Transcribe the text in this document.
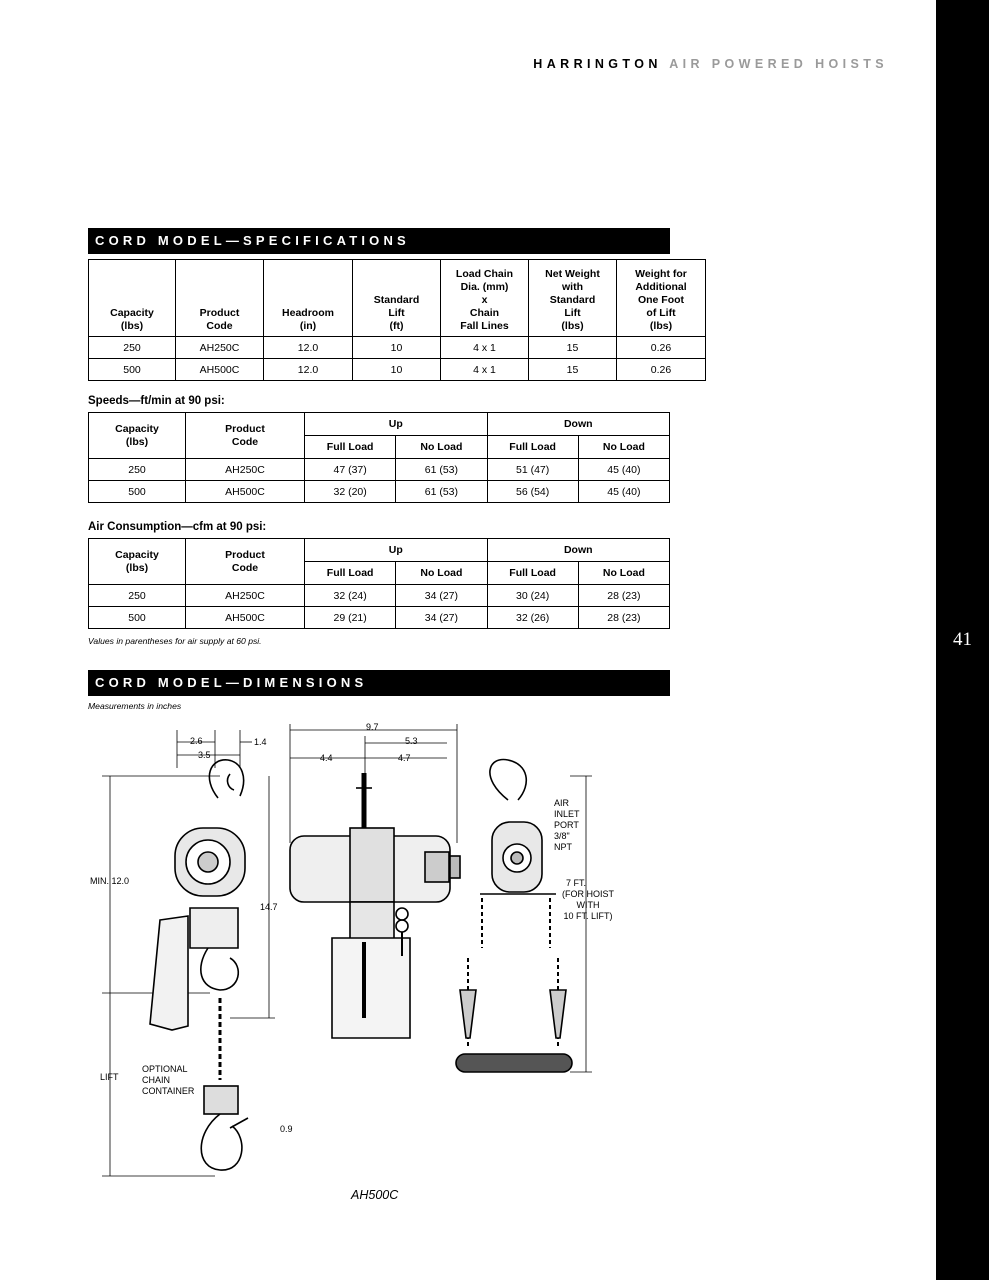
41
HARRINGTON AIR POWERED HOISTS
CORD MODEL—SPECIFICATIONS
Capacity
(lbs)	Product
Code	Headroom
(in)	Standard
Lift
(ft)	Load Chain
Dia. (mm)
x
Chain
Fall Lines	Net Weight
with
Standard
Lift
(lbs)	Weight for
Additional
One Foot
of Lift
(lbs)
250	AH250C	12.0	10	4 x 1	15	0.26
500	AH500C	12.0	10	4 x 1	15	0.26
Speeds—ft/min at 90 psi:
Capacity
(lbs)	Product
Code	Up		Down	
		Full Load	No Load	Full Load	No Load
250	AH250C	47 (37)	61 (53)	51 (47)	45 (40)
500	AH500C	32 (20)	61 (53)	56 (54)	45 (40)
Air Consumption—cfm at 90 psi:
Capacity
(lbs)	Product
Code	Up		Down	
		Full Load	No Load	Full Load	No Load
250	AH250C	32 (24)	34 (27)	30 (24)	28 (23)
500	AH500C	29 (21)	34 (27)	32 (26)	28 (23)
Values in parentheses for air supply at 60 psi.
CORD MODEL—DIMENSIONS
Measurements in inches
2.6	1.4
3.5
9.7
5.3
4.4	4.7
MIN. 12.0
14.7
LIFT
OPTIONAL
CHAIN
CONTAINER
0.9
AIR
INLET
PORT
3/8"
NPT
7 FT.
(FOR HOIST
WITH
10 FT. LIFT)
AH500C
